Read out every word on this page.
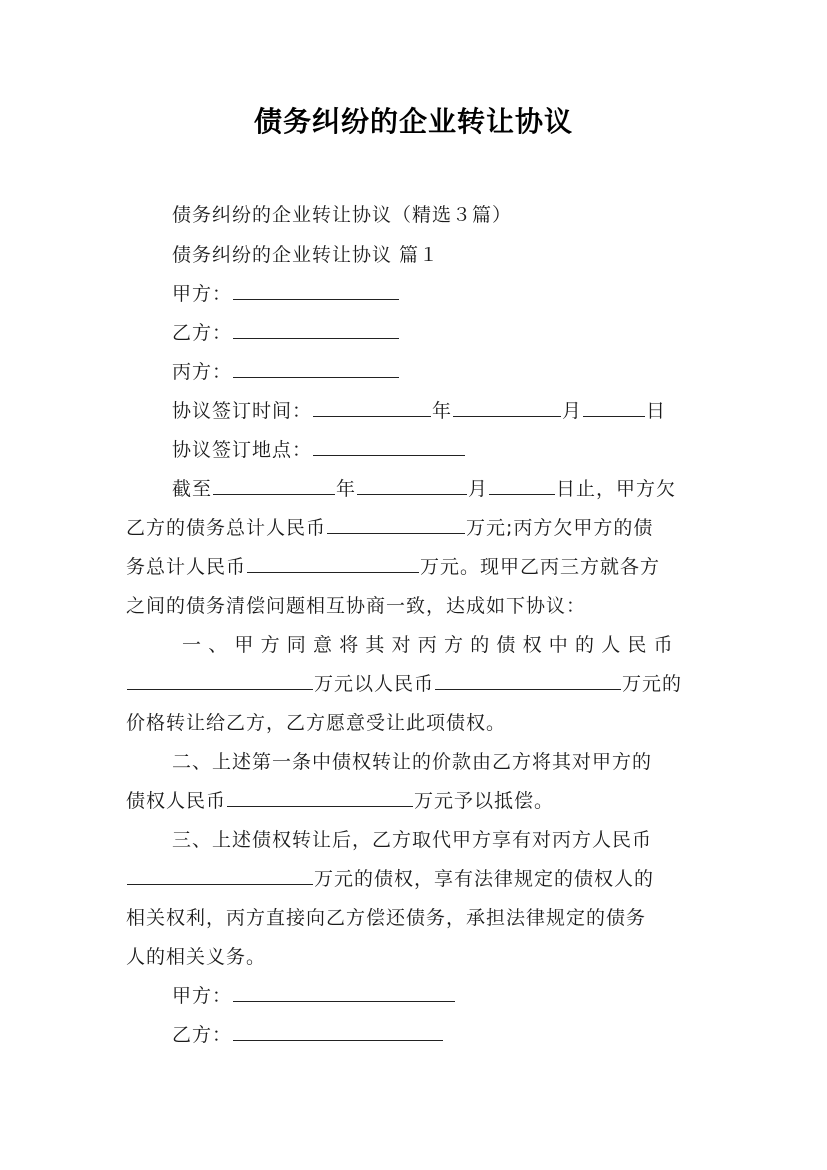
债务纠纷的企业转让协议
债务纠纷的企业转让协议（精选３篇）
债务纠纷的企业转让协议 篇１
甲方：
乙方：
丙方：
协议签订时间：	年	月	日
协议签订地点：
截至	年	月	日止，甲方欠
乙方的债务总计人民币	万元;丙方欠甲方的债
务总计人民币	万元。现甲乙丙三方就各方
之间的债务清偿问题相互协商一致，达成如下协议：
一、甲方同意将其对丙方的债权中的人民币
万元以人民币	万元的
价格转让给乙方，乙方愿意受让此项债权。
二、上述第一条中债权转让的价款由乙方将其对甲方的
债权人民币	万元予以抵偿。
三、上述债权转让后，乙方取代甲方享有对丙方人民币
万元的债权，享有法律规定的债权人的
相关权利，丙方直接向乙方偿还债务，承担法律规定的债务
人的相关义务。
甲方：
乙方：
